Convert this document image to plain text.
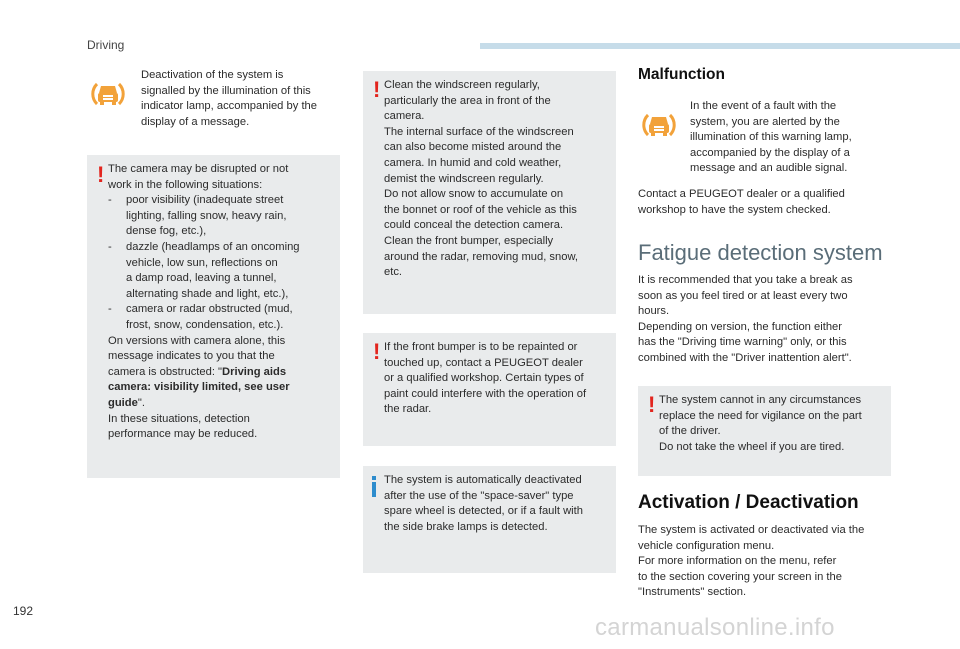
Driving
Deactivation of the system is
signalled by the illumination of this
indicator lamp, accompanied by the
display of a message.
! The camera may be disrupted or not
work in the following situations:
- poor visibility (inadequate street
lighting, falling snow, heavy rain,
dense fog, etc.),
- dazzle (headlamps of an oncoming
vehicle, low sun, reflections on
a damp road, leaving a tunnel,
alternating shade and light, etc.),
- camera or radar obstructed (mud,
frost, snow, condensation, etc.).
On versions with camera alone, this
message indicates to you that the
camera is obstructed: "Driving aids
camera: visibility limited, see user
guide".
In these situations, detection
performance may be reduced.
! Clean the windscreen regularly,
particularly the area in front of the
camera.
The internal surface of the windscreen
can also become misted around the
camera. In humid and cold weather,
demist the windscreen regularly.
Do not allow snow to accumulate on
the bonnet or roof of the vehicle as this
could conceal the detection camera.
Clean the front bumper, especially
around the radar, removing mud, snow,
etc.
! If the front bumper is to be repainted or
touched up, contact a PEUGEOT dealer
or a qualified workshop. Certain types of
paint could interfere with the operation of
the radar.
The system is automatically deactivated
after the use of the "space-saver" type
spare wheel is detected, or if a fault with
the side brake lamps is detected.
Malfunction
In the event of a fault with the
system, you are alerted by the
illumination of this warning lamp,
accompanied by the display of a
message and an audible signal.
Contact a PEUGEOT dealer or a qualified
workshop to have the system checked.
Fatigue detection system
It is recommended that you take a break as
soon as you feel tired or at least every two
hours.
Depending on version, the function either
has the "Driving time warning" only, or this
combined with the "Driver inattention alert".
! The system cannot in any circumstances
replace the need for vigilance on the part
of the driver.
Do not take the wheel if you are tired.
Activation / Deactivation
The system is activated or deactivated via the
vehicle configuration menu.
For more information on the menu, refer
to the section covering your screen in the
"Instruments" section.
192
carmanualsonline.info
